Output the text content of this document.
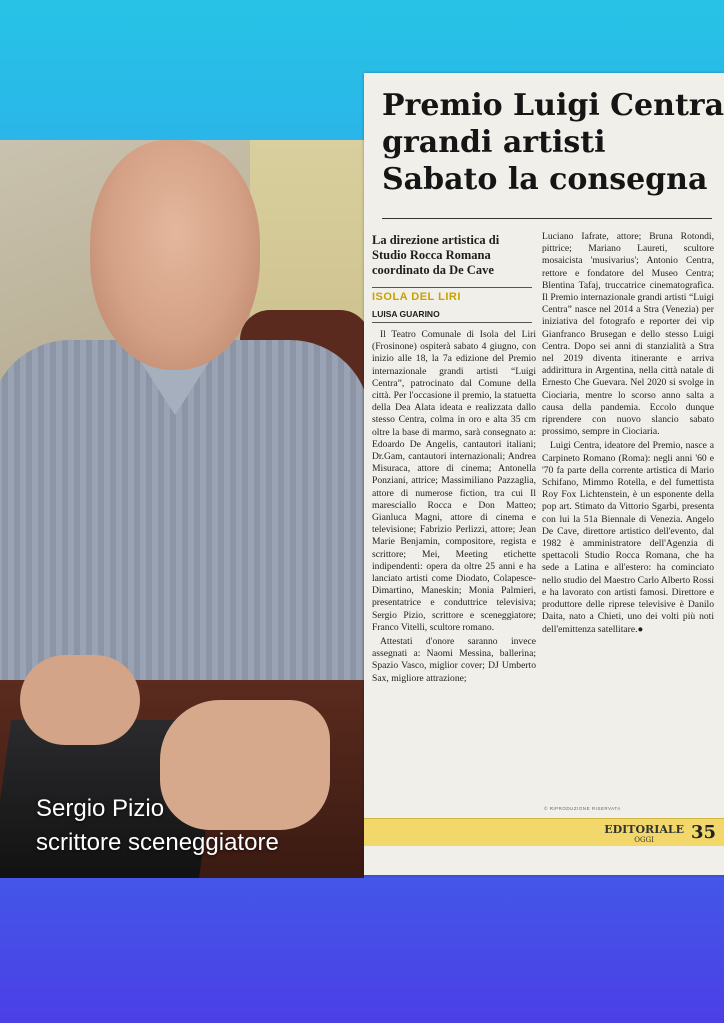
Sergio Pizio
scrittore sceneggiatore
Premio Luigi Centra
grandi artisti
Sabato la consegna
La direzione artistica di Studio Rocca Romana coordinato da De Cave
ISOLA DEL LIRI
LUISA GUARINO

Il Teatro Comunale di Isola del Liri (Frosinone) ospiterà sabato 4 giugno, con inizio alle 18, la 7a edizione del Premio internazionale grandi artisti “Luigi Centra”, patrocinato dal Comune della città. Per l'occasione il premio, la statuetta della Dea Alata ideata e realizzata dallo stesso Centra, colma in oro e alta 35 cm oltre la base di marmo, sarà consegnato a: Edoardo De Angelis, cantautori italiani; Dr.Gam, cantautori internazionali; Andrea Misuraca, attore di cinema; Antonella Ponziani, attrice; Massimiliano Pazzaglia, attore di numerose fiction, tra cui Il maresciallo Rocca e Don Matteo; Gianluca Magni, attore di cinema e televisione; Fabrizio Perlizzi, attore; Jean Marie Benjamin, compositore, regista e scrittore; Mei, Meeting etichette indipendenti: opera da oltre 25 anni e ha lanciato artisti come Diodato, Colapesce-Dimartino, Maneskin; Monia Palmieri, presentatrice e conduttrice televisiva; Sergio Pizio, scrittore e sceneggiatore; Franco Vitelli, scultore romano.

Attestati d'onore saranno invece assegnati a: Naomi Messina, ballerina; Spazio Vasco, miglior cover; DJ Umberto Sax, migliore attrazione;

Luciano Iafrate, attore; Bruna Rotondi, pittrice; Mariano Laureti, scultore mosaicista 'musivarius'; Antonio Centra, rettore e fondatore del Museo Centra; Blentina Tafaj, truccatrice cinematografica. Il Premio internazionale grandi artisti “Luigi Centra” nasce nel 2014 a Stra (Venezia) per iniziativa del fotografo e reporter dei vip Gianfranco Brusegan e dello stesso Luigi Centra. Dopo sei anni di stanzialità a Stra nel 2019 diventa itinerante e arriva addirittura in Argentina, nella città natale di Ernesto Che Guevara. Nel 2020 si svolge in Ciociaria, mentre lo scorso anno salta a causa della pandemia. Eccolo dunque riprendere con nuovo slancio sabato prossimo, sempre in Ciociaria.

Luigi Centra, ideatore del Premio, nasce a Carpineto Romano (Roma): negli anni '60 e '70 fa parte della corrente artistica di Mario Schifano, Mimmo Rotella, e del fumettista Roy Fox Lichtenstein, è un esponente della pop art. Stimato da Vittorio Sgarbi, presenta con lui la 51a Biennale di Venezia. Angelo De Cave, direttore artistico dell'evento, dal 1982 è amministratore dell'Agenzia di spettacoli Studio Rocca Romana, che ha sede a Latina e all'estero: ha cominciato nello studio del Maestro Carlo Alberto Rossi e ha lavorato con artisti famosi. Direttore e produttore delle riprese televisive è Danilo Daita, nato a Chieti, uno dei volti più noti dell'emittenza satellitare.●

© RIPRODUZIONE RISERVATA
EDITORIALE
OGGI	35
